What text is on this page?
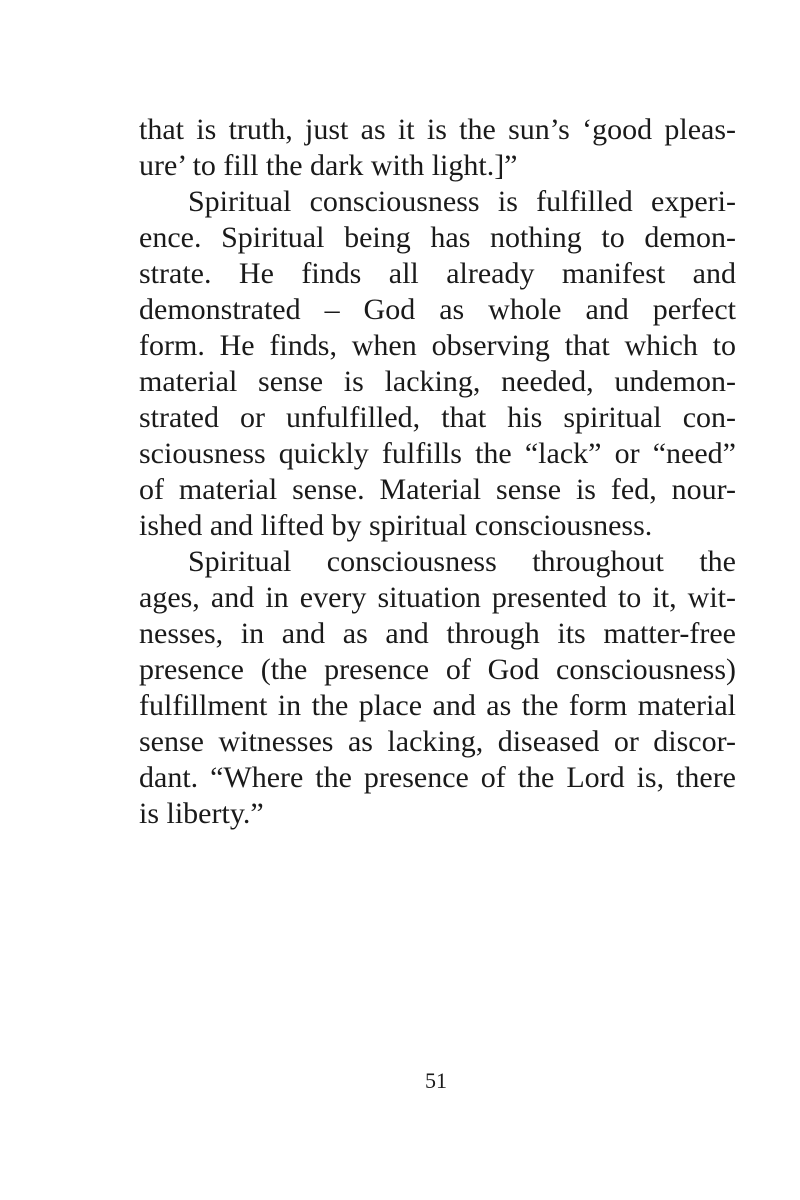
that is truth, just as it is the sun’s ‘good pleas-
ure’ to fill the dark with light.]”
Spiritual consciousness is fulfilled experi-
ence. Spiritual being has nothing to demon-
strate. He finds all already manifest and
demonstrated – God as whole and perfect
form. He finds, when observing that which to
material sense is lacking, needed, undemon-
strated or unfulfilled, that his spiritual con-
sciousness quickly fulfills the “lack” or “need”
of material sense. Material sense is fed, nour-
ished and lifted by spiritual consciousness.
Spiritual consciousness throughout the
ages, and in every situation presented to it, wit-
nesses, in and as and through its matter-free
presence (the presence of God consciousness)
fulfillment in the place and as the form material
sense witnesses as lacking, diseased or discor-
dant. “Where the presence of the Lord is, there
is liberty.”
51
